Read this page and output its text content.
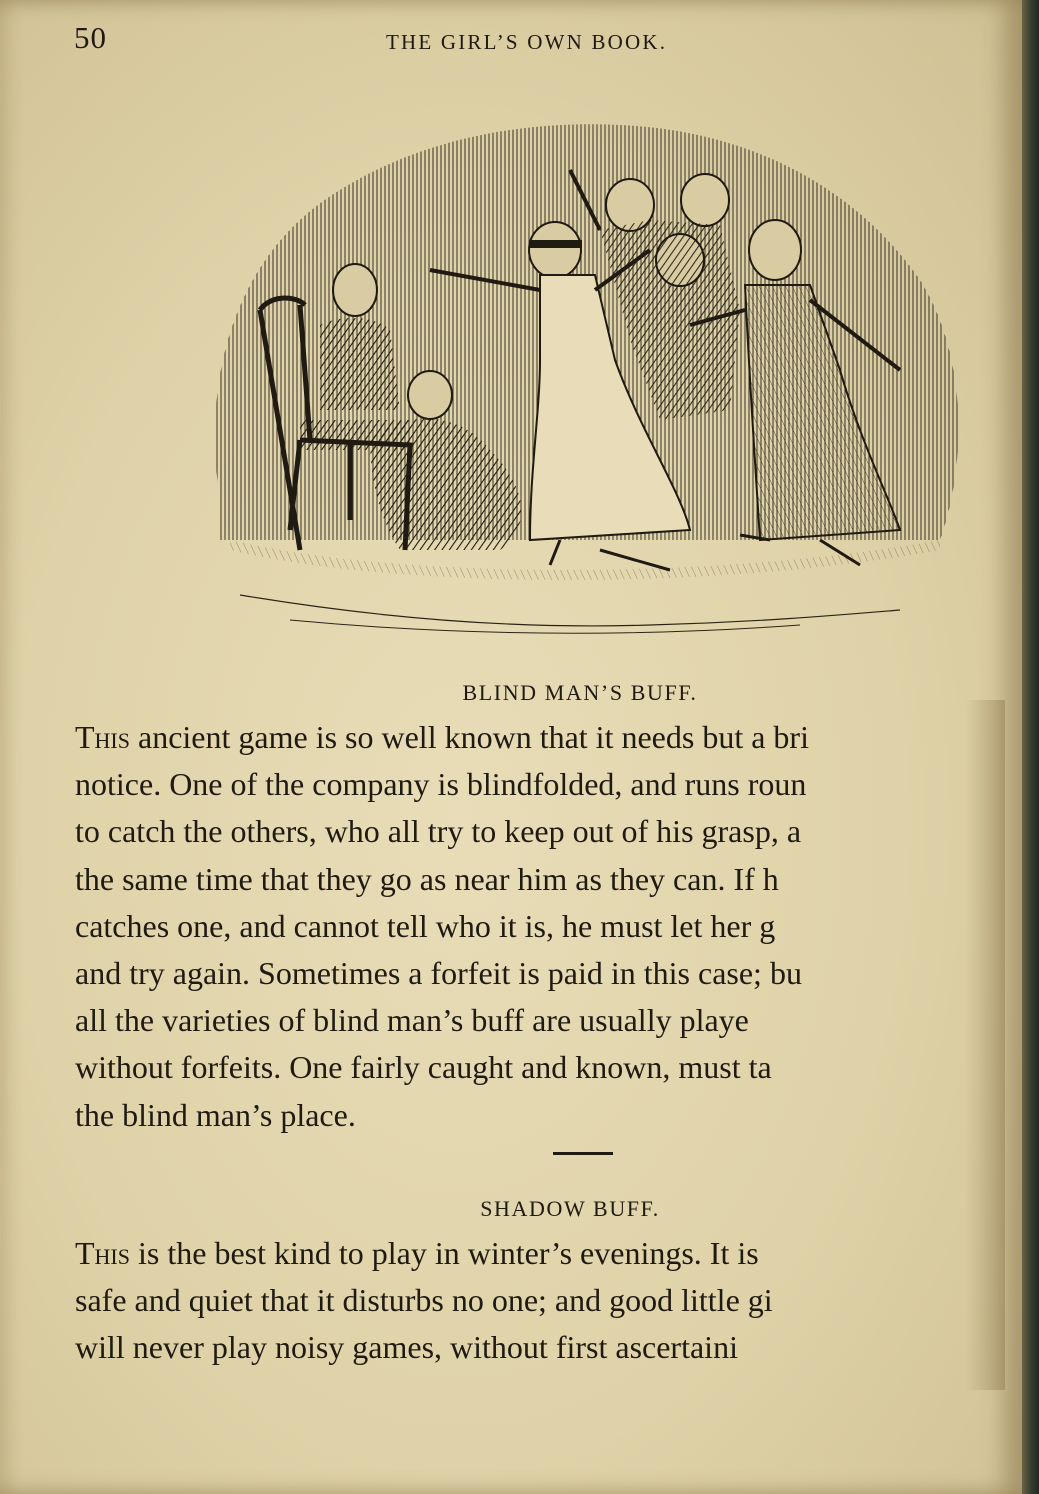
50	THE GIRL’S OWN BOOK.
BLIND MAN’S BUFF.
This ancient game is so well known that it needs but a bri
notice. One of the company is blindfolded, and runs roun
to catch the others, who all try to keep out of his grasp, a
the same time that they go as near him as they can. If h
catches one, and cannot tell who it is, he must let her g
and try again. Sometimes a forfeit is paid in this case; bu
all the varieties of blind man’s buff are usually playe
without forfeits. One fairly caught and known, must ta
the blind man’s place.
SHADOW BUFF.
This is the best kind to play in winter’s evenings. It is
safe and quiet that it disturbs no one; and good little gi
will never play noisy games, without first ascertaini
